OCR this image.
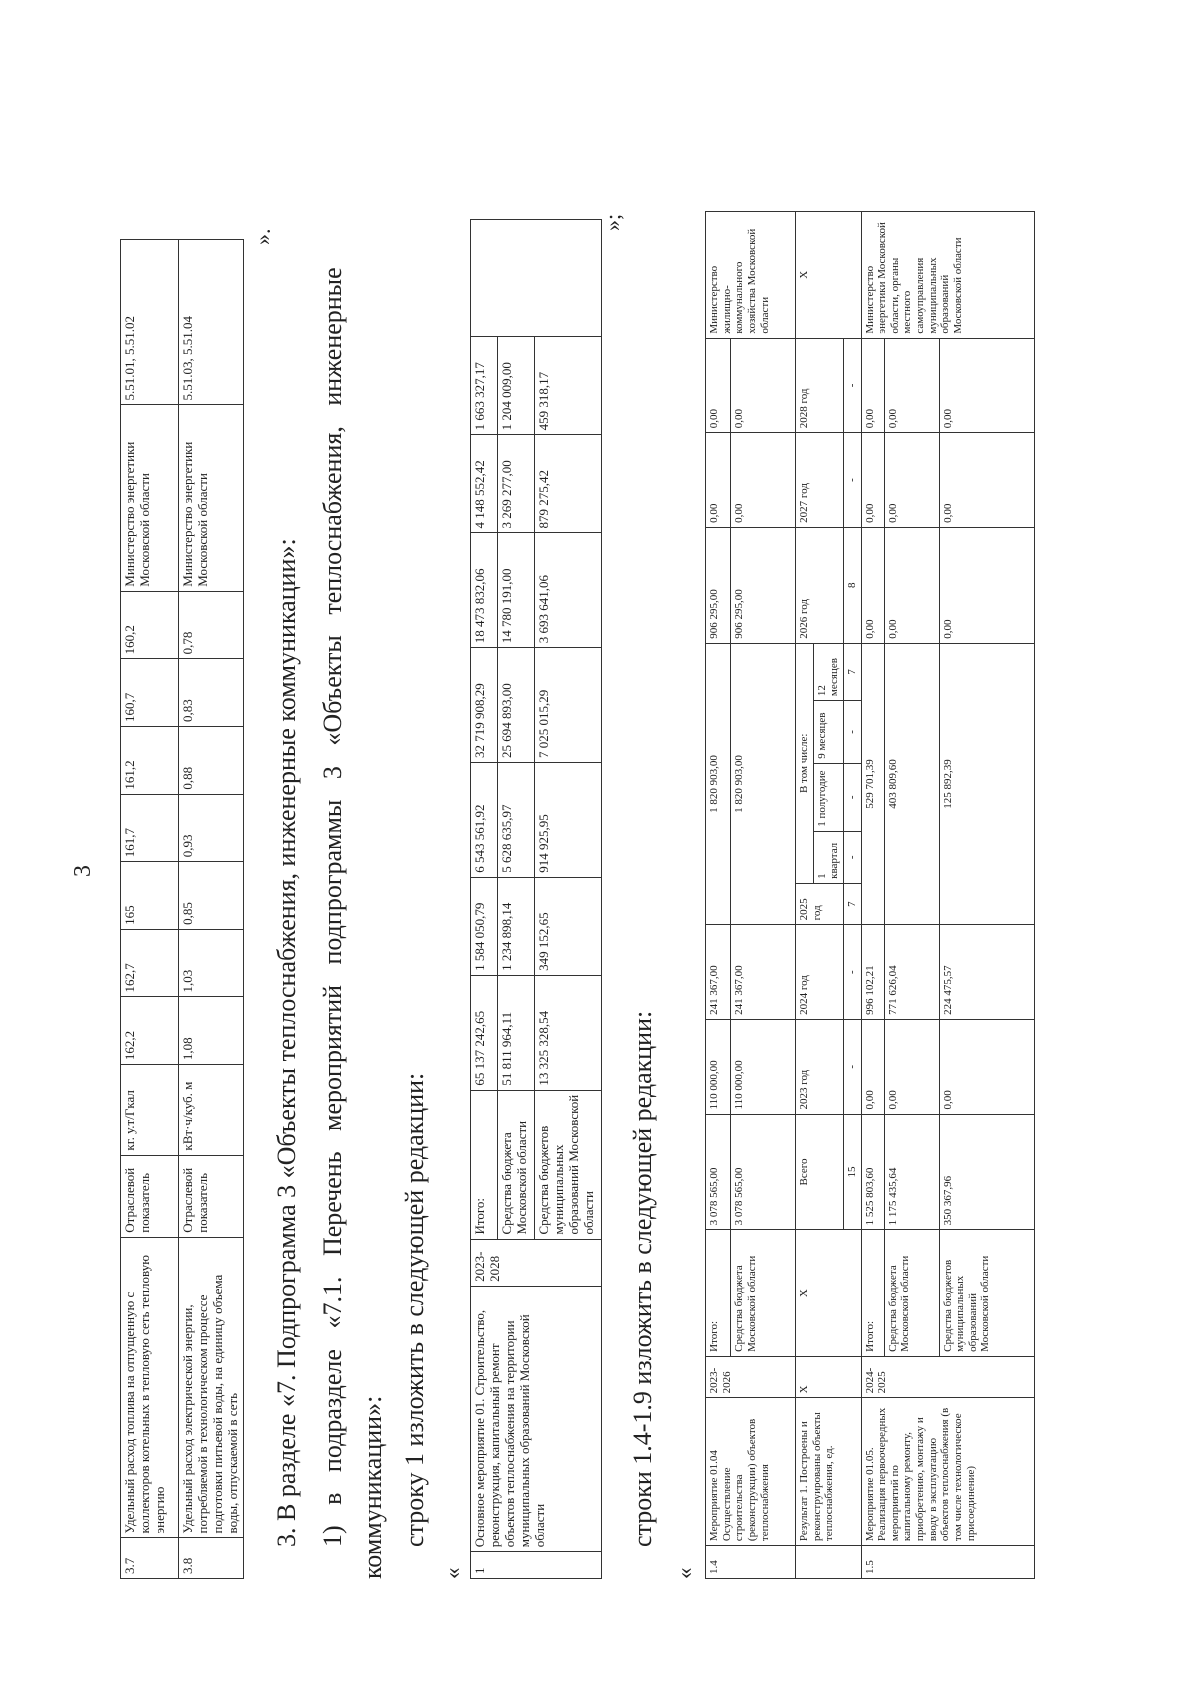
3
3.7	Удельный расход топлива на отпущенную с коллекторов котельных в тепловую сеть тепловую энергию	Отраслевой показатель	кг. у.т/Гкал	162,2	162,7	165	161,7	161,2	160,7	160,2	Министерство энергетики Московской области	5.51.01, 5.51.02
3.8	Удельный расход электрической энергии, потребляемой в технологическом процессе подготовки питьевой воды, на единицу объема воды, отпускаемой в сеть	Отраслевой показатель	кВт·ч/куб. м	1,08	1,03	0,85	0,93	0,88	0,83	0,78	Министерство энергетики Московской области	5.51.03, 5.51.04
».
3. В разделе «7. Подпрограмма 3 «Объекты теплоснабжения, инженерные коммуникации»: 1) в подразделе «7.1. Перечень мероприятий подпрограммы 3 «Объекты теплоснабжения, инженерные коммуникации»: строку 1 изложить в следующей редакции:
« 1	Основное мероприятие 01. Строительство, реконструкция, капитальный ремонт объектов теплоснабжения на территории муниципальных образований Московской области	2023-2028	Итого:	65 137 242,65	1 584 050,79	6 543 561,92	32 719 908,29	18 473 832,06	4 148 552,42	1 663 327,17	
			Средства бюджета Московской области	51 811 964,11	1 234 898,14	5 628 635,97	25 694 893,00	14 780 191,00	3 269 277,00	1 204 009,00	
			Средства бюджетов муниципальных образований Московской области	13 325 328,54	349 152,65	914 925,95	7 025 015,29	3 693 641,06	879 275,42	459 318,17	
»;
строки 1.4-1.9 изложить в следующей редакции:
« 1.4	Мероприятие 01.04 Осуществление строительства (реконструкции) объектов теплоснабжения	2023-2026	Итого:	3 078 565,00	110 000,00	241 367,00	1 820 903,00					906 295,00	0,00	0,00	Министерство жилищно-коммунального хозяйства Московской области
			Средства бюджета Московской области	3 078 565,00	110 000,00	241 367,00	1 820 903,00					906 295,00	0,00	0,00	
	Результат 1. Построены и реконструированы объекты теплоснабжения, ед.	Х	Х	Всего	2023 год	2024 год	2025 год	В том числе:				2026 год	2027 год	2028 год	Х
								1 квартал	1 полугодие	9 месяцев	12 месяцев				
				15	-	-	7	-	-	-	7	8	-	-	
1.5	Мероприятие 01.05. Реализация первоочередных мероприятий по капитальному ремонту, приобретению, монтажу и вводу в эксплуатацию объектов теплоснабжения (в том числе технологическое присоединение)	2024-2025	Итого:	1 525 803,60	0,00	996 102,21	529 701,39					0,00	0,00	0,00	Министерство энергетики Московской области, органы местного самоуправления муниципальных образований Московской области
			Средства бюджета Московской области	1 175 435,64	0,00	771 626,04	403 809,60					0,00	0,00	0,00	
			Средства бюджетов муниципальных образований Московской области	350 367,96	0,00	224 475,57	125 892,39					0,00	0,00	0,00	
